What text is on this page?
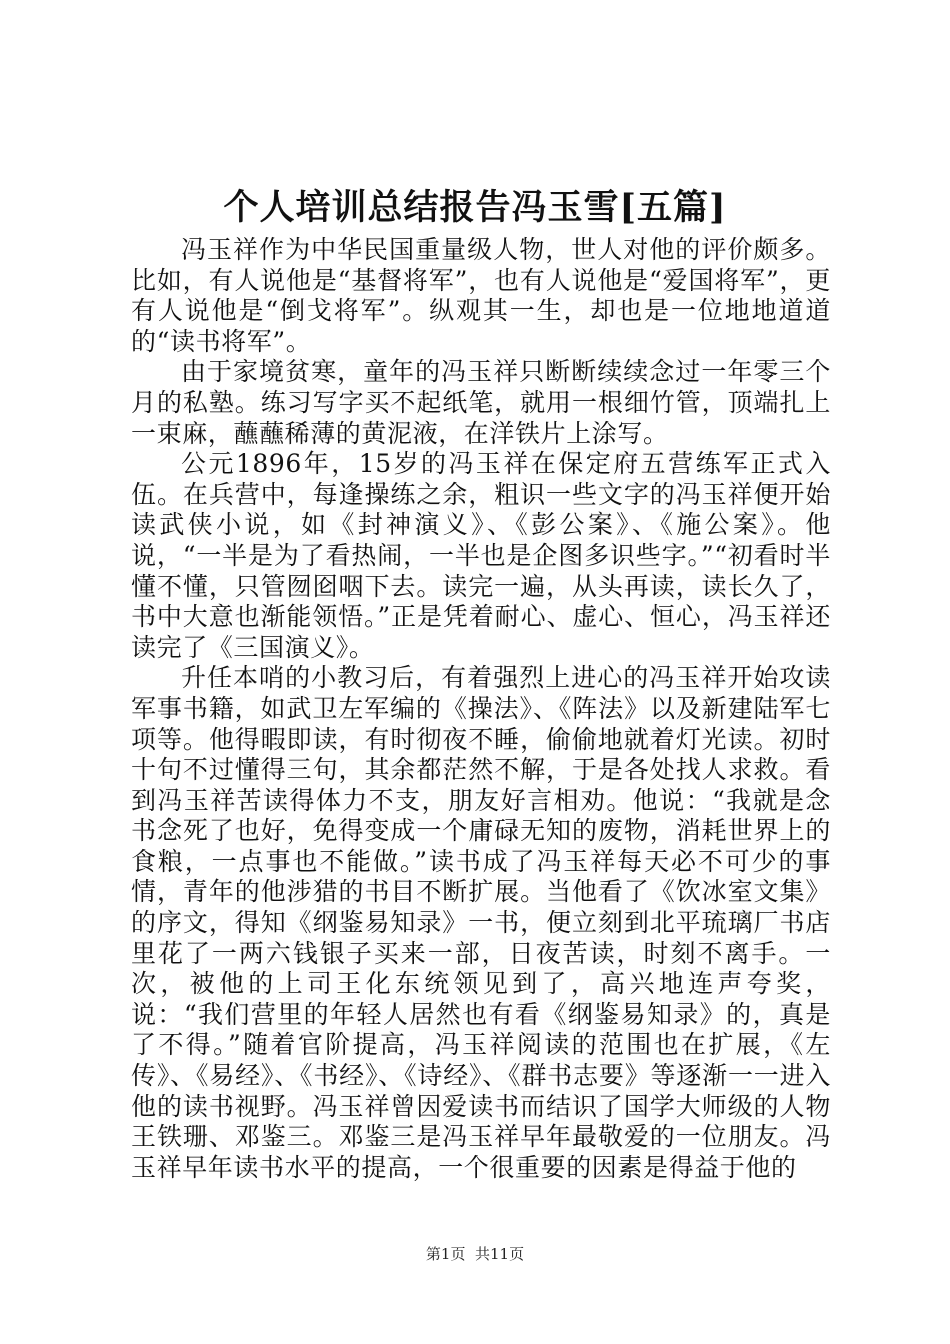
个人培训总结报告冯玉雪[五篇]

冯玉祥作为中华民国重量级人物，世人对他的评价颇多。比如，有人说他是“基督将军”，也有人说他是“爱国将军”，更有人说他是“倒戈将军”。纵观其一生，却也是一位地地道道的“读书将军”。

由于家境贫寒，童年的冯玉祥只断断续续念过一年零三个月的私塾。练习写字买不起纸笔，就用一根细竹管，顶端扎上一束麻，蘸蘸稀薄的黄泥液，在洋铁片上涂写。

公元1896年，15岁的冯玉祥在保定府五营练军正式入伍。在兵营中，每逢操练之余，粗识一些文字的冯玉祥便开始读武侠小说，如《封神演义》、《彭公案》、《施公案》。他说，“一半是为了看热闹，一半也是企图多识些字。”“初看时半懂不懂，只管囫囵咽下去。读完一遍，从头再读，读长久了，书中大意也渐能领悟。”正是凭着耐心、虚心、恒心，冯玉祥还读完了《三国演义》。

升任本哨的小教习后，有着强烈上进心的冯玉祥开始攻读军事书籍，如武卫左军编的《操法》、《阵法》以及新建陆军七项等。他得暇即读，有时彻夜不睡，偷偷地就着灯光读。初时十句不过懂得三句，其余都茫然不解，于是各处找人求救。看到冯玉祥苦读得体力不支，朋友好言相劝。他说：“我就是念书念死了也好，免得变成一个庸碌无知的废物，消耗世界上的食粮，一点事也不能做。”读书成了冯玉祥每天必不可少的事情，青年的他涉猎的书目不断扩展。当他看了《饮冰室文集》的序文，得知《纲鉴易知录》一书，便立刻到北平琉璃厂书店里花了一两六钱银子买来一部，日夜苦读，时刻不离手。一次，被他的上司王化东统领见到了，高兴地连声夸奖，说：“我们营里的年轻人居然也有看《纲鉴易知录》的，真是了不得。”随着官阶提高，冯玉祥阅读的范围也在扩展，《左传》、《易经》、《书经》、《诗经》、《群书志要》等逐渐一一进入他的读书视野。冯玉祥曾因爱读书而结识了国学大师级的人物王铁珊、邓鉴三。邓鉴三是冯玉祥早年最敬爱的一位朋友。冯玉祥早年读书水平的提高，一个很重要的因素是得益于他的

第1页  共11页
